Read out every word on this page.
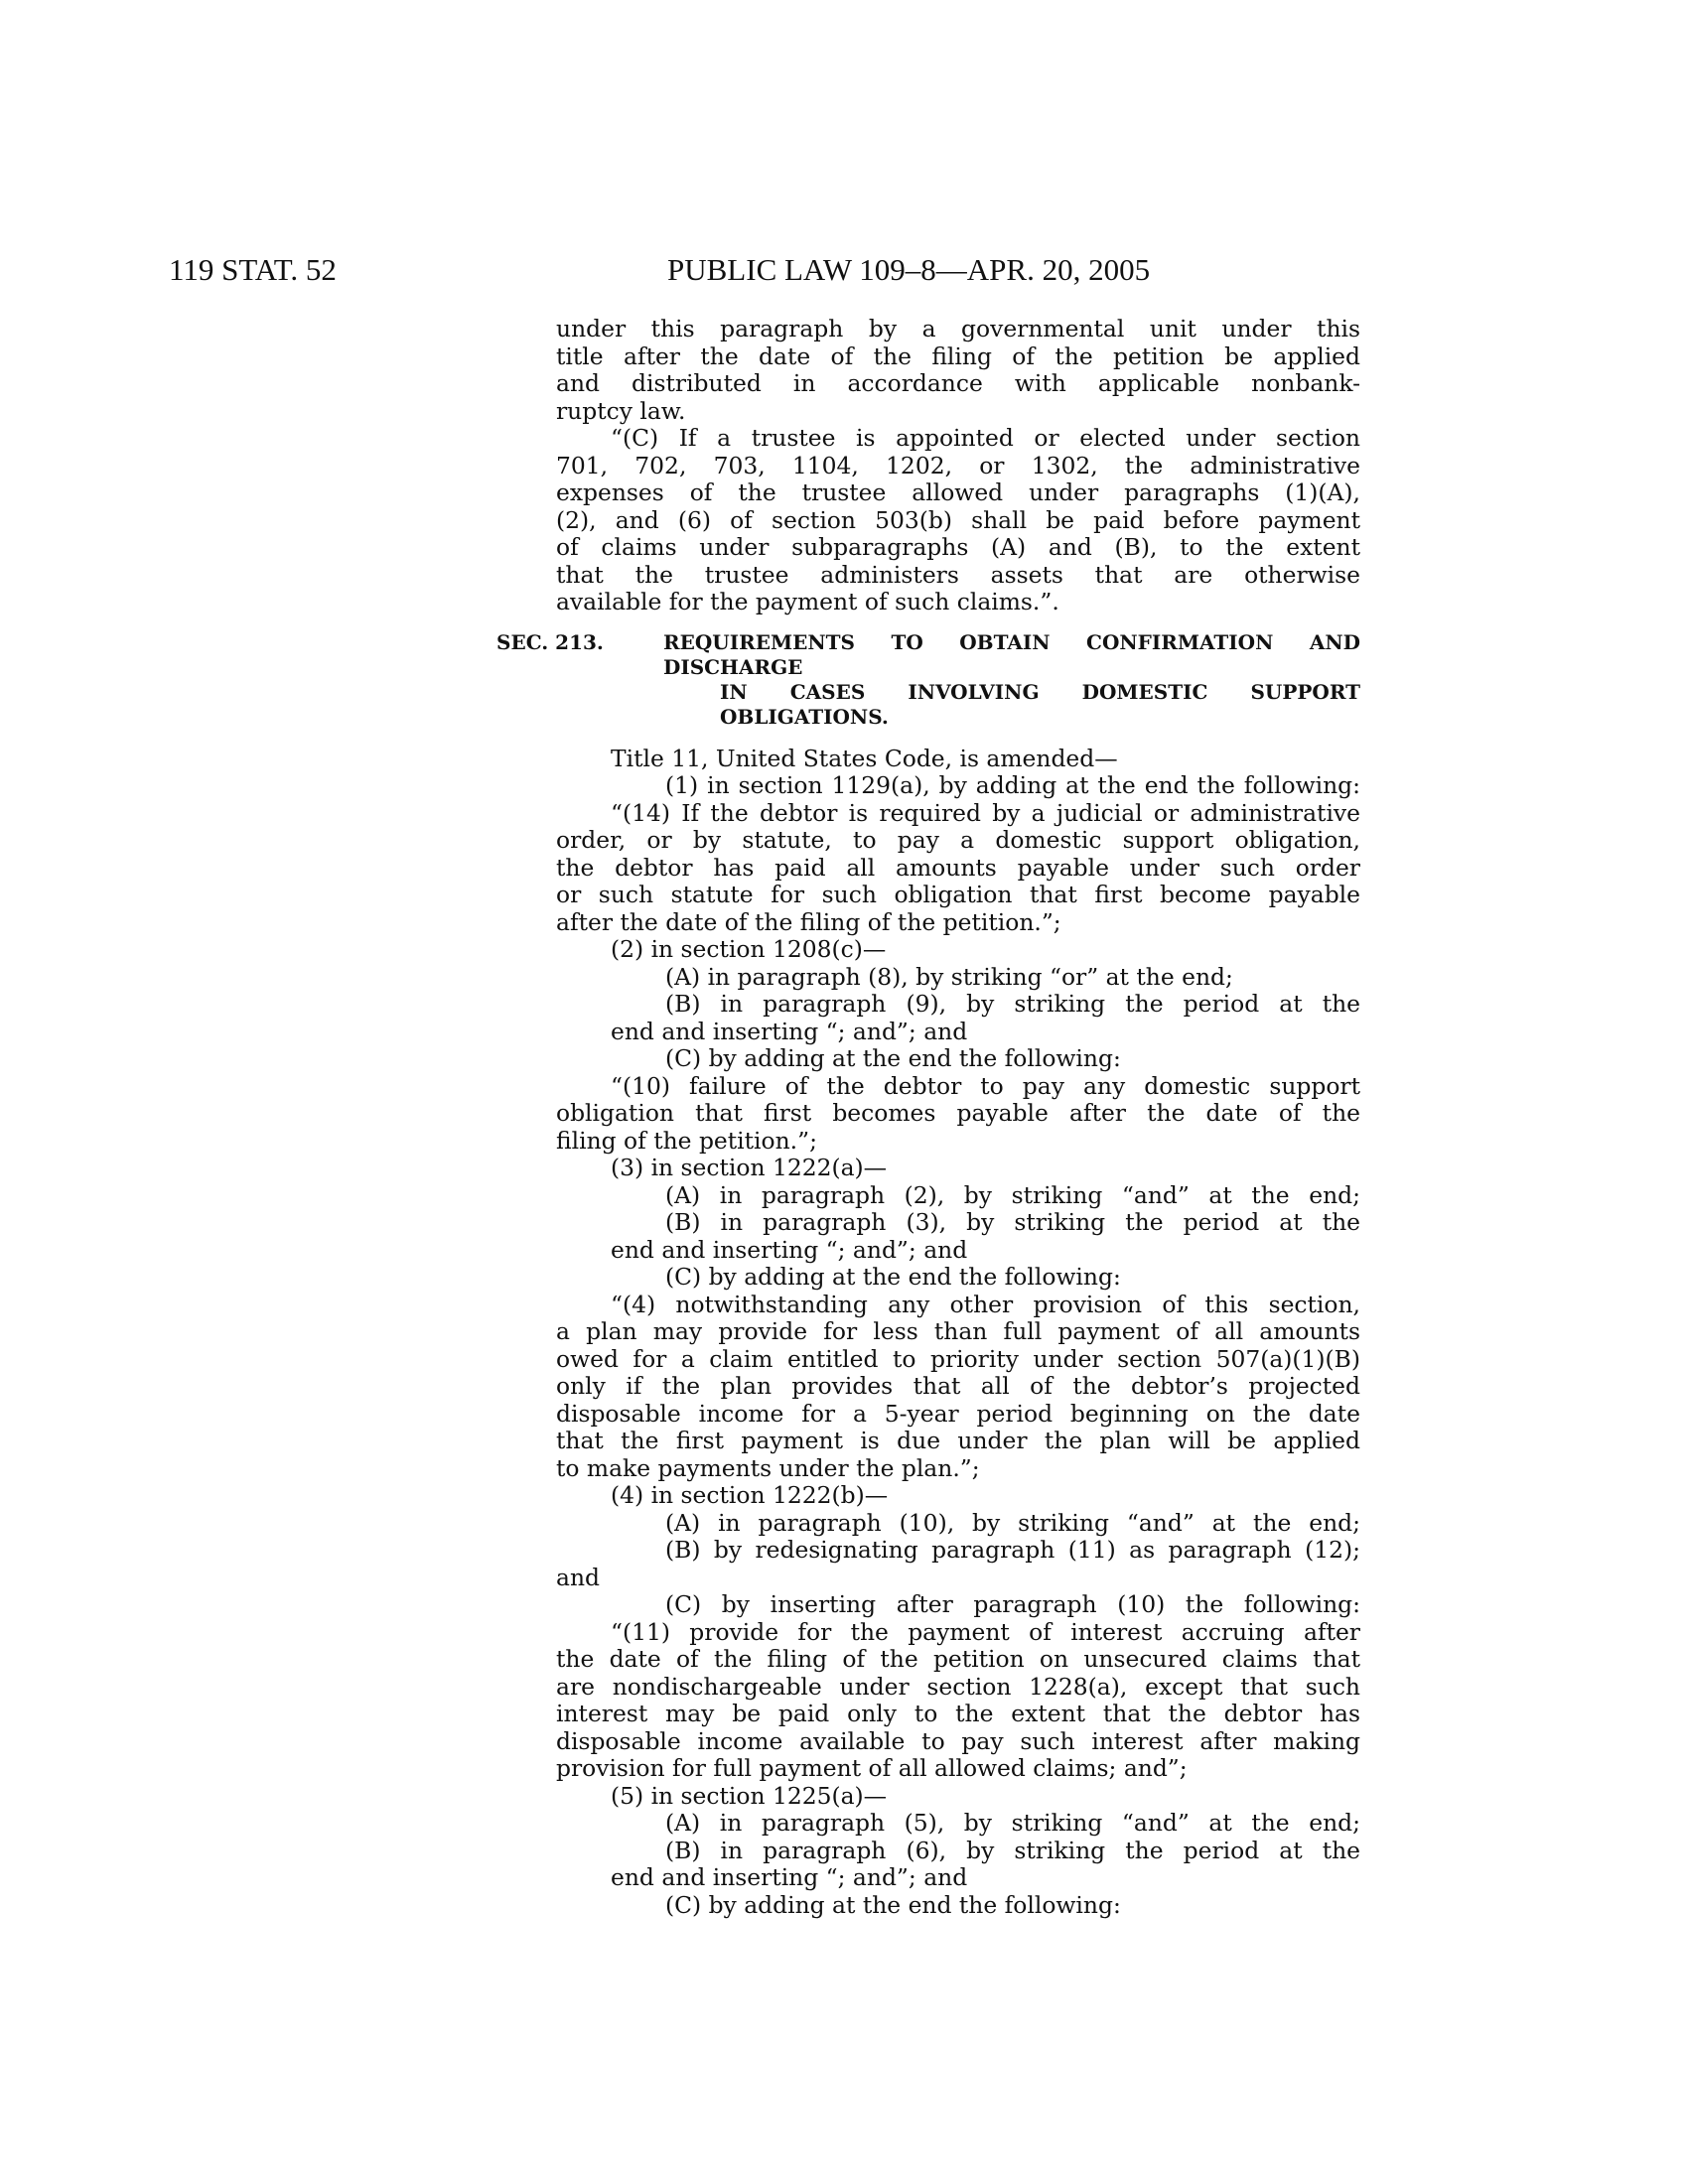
119 STAT. 52	PUBLIC LAW 109–8—APR. 20, 2005

under this paragraph by a governmental unit under this

title after the date of the filing of the petition be applied

and distributed in accordance with applicable nonbank-

ruptcy law.

“(C) If a trustee is appointed or elected under section

701, 702, 703, 1104, 1202, or 1302, the administrative

expenses of the trustee allowed under paragraphs (1)(A),

(2), and (6) of section 503(b) shall be paid before payment

of claims under subparagraphs (A) and (B), to the extent

that the trustee administers assets that are otherwise

available for the payment of such claims.”.

SEC. 213.	REQUIREMENTS TO OBTAIN CONFIRMATION AND DISCHARGE
IN CASES INVOLVING DOMESTIC SUPPORT OBLIGATIONS.

Title 11, United States Code, is amended—

(1) in section 1129(a), by adding at the end the following:

“(14) If the debtor is required by a judicial or administrative

order, or by statute, to pay a domestic support obligation,

the debtor has paid all amounts payable under such order

or such statute for such obligation that first become payable

after the date of the filing of the petition.”;

(2) in section 1208(c)—

(A) in paragraph (8), by striking “or” at the end;

(B) in paragraph (9), by striking the period at the

end and inserting “; and”; and

(C) by adding at the end the following:

“(10) failure of the debtor to pay any domestic support

obligation that first becomes payable after the date of the

filing of the petition.”;

(3) in section 1222(a)—

(A) in paragraph (2), by striking “and” at the end;

(B) in paragraph (3), by striking the period at the

end and inserting “; and”; and

(C) by adding at the end the following:

“(4) notwithstanding any other provision of this section,

a plan may provide for less than full payment of all amounts

owed for a claim entitled to priority under section 507(a)(1)(B)

only if the plan provides that all of the debtor’s projected

disposable income for a 5-year period beginning on the date

that the first payment is due under the plan will be applied

to make payments under the plan.”;

(4) in section 1222(b)—

(A) in paragraph (10), by striking “and” at the end;

(B) by redesignating paragraph (11) as paragraph (12);

and

(C) by inserting after paragraph (10) the following:

“(11) provide for the payment of interest accruing after

the date of the filing of the petition on unsecured claims that

are nondischargeable under section 1228(a), except that such

interest may be paid only to the extent that the debtor has

disposable income available to pay such interest after making

provision for full payment of all allowed claims; and”;

(5) in section 1225(a)—

(A) in paragraph (5), by striking “and” at the end;

(B) in paragraph (6), by striking the period at the

end and inserting “; and”; and

(C) by adding at the end the following:
